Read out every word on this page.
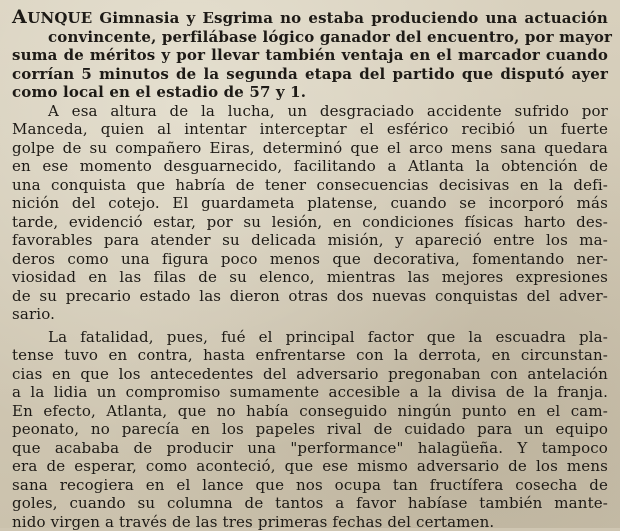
AUNQUE Gimnasia y Esgrima no estaba produciendo una actuación
convincente, perfilábase lógico ganador del encuentro, por mayor
suma de méritos y por llevar también ventaja en el marcador cuando
corrían 5 minutos de la segunda etapa del partido que disputó ayer
como local en el estadio de 57 y 1.
A esa altura de la lucha, un desgraciado accidente sufrido por
Manceda, quien al intentar interceptar el esférico recibió un fuerte
golpe de su compañero Eiras, determinó que el arco mens sana quedara
en ese momento desguarnecido, facilitando a Atlanta la obtención de
una conquista que habría de tener consecuencias decisivas en la defi-
nición del cotejo. El guardameta platense, cuando se incorporó más
tarde, evidenció estar, por su lesión, en condiciones físicas harto des-
favorables para atender su delicada misión, y apareció entre los ma-
deros como una figura poco menos que decorativa, fomentando ner-
viosidad en las filas de su elenco, mientras las mejores expresiones
de su precario estado las dieron otras dos nuevas conquistas del adver-
sario.
La fatalidad, pues, fué el principal factor que la escuadra pla-
tense tuvo en contra, hasta enfrentarse con la derrota, en circunstan-
cias en que los antecedentes del adversario pregonaban con antelación
a la lidia un compromiso sumamente accesible a la divisa de la franja.
En efecto, Atlanta, que no había conseguido ningún punto en el cam-
peonato, no parecía en los papeles rival de cuidado para un equipo
que acababa de producir una "performance" halagüeña. Y tampoco
era de esperar, como aconteció, que ese mismo adversario de los mens
sana recogiera en el lance que nos ocupa tan fructífera cosecha de
goles, cuando su columna de tantos a favor habíase también mante-
nido virgen a través de las tres primeras fechas del certamen.
